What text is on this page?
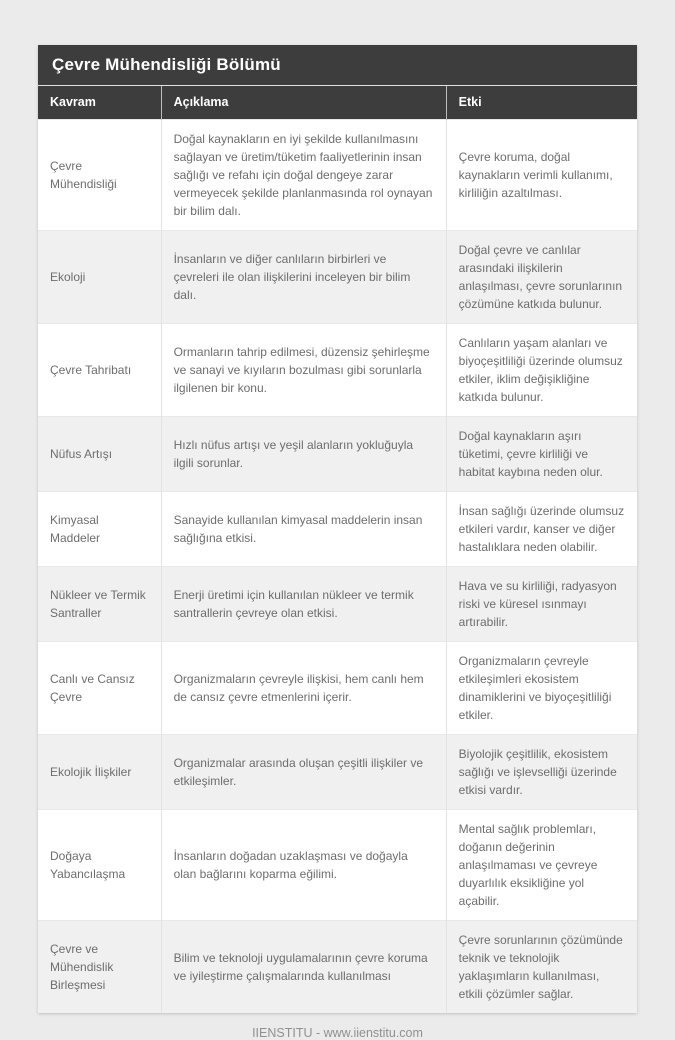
Çevre Mühendisliği Bölümü
Kavram	Açıklama	Etki
Çevre Mühendisliği	Doğal kaynakların en iyi şekilde kullanılmasını sağlayan ve üretim/tüketim faaliyetlerinin insan sağlığı ve refahı için doğal dengeye zarar vermeyecek şekilde planlanmasında rol oynayan bir bilim dalı.	Çevre koruma, doğal kaynakların verimli kullanımı, kirliliğin azaltılması.
Ekoloji	İnsanların ve diğer canlıların birbirleri ve çevreleri ile olan ilişkilerini inceleyen bir bilim dalı.	Doğal çevre ve canlılar arasındaki ilişkilerin anlaşılması, çevre sorunlarının çözümüne katkıda bulunur.
Çevre Tahribatı	Ormanların tahrip edilmesi, düzensiz şehirleşme ve sanayi ve kıyıların bozulması gibi sorunlarla ilgilenen bir konu.	Canlıların yaşam alanları ve biyoçeşitliliği üzerinde olumsuz etkiler, iklim değişikliğine katkıda bulunur.
Nüfus Artışı	Hızlı nüfus artışı ve yeşil alanların yokluğuyla ilgili sorunlar.	Doğal kaynakların aşırı tüketimi, çevre kirliliği ve habitat kaybına neden olur.
Kimyasal Maddeler	Sanayide kullanılan kimyasal maddelerin insan sağlığına etkisi.	İnsan sağlığı üzerinde olumsuz etkileri vardır, kanser ve diğer hastalıklara neden olabilir.
Nükleer ve Termik Santraller	Enerji üretimi için kullanılan nükleer ve termik santrallerin çevreye olan etkisi.	Hava ve su kirliliği, radyasyon riski ve küresel ısınmayı artırabilir.
Canlı ve Cansız Çevre	Organizmaların çevreyle ilişkisi, hem canlı hem de cansız çevre etmenlerini içerir.	Organizmaların çevreyle etkileşimleri ekosistem dinamiklerini ve biyoçeşitliliği etkiler.
Ekolojik İlişkiler	Organizmalar arasında oluşan çeşitli ilişkiler ve etkileşimler.	Biyolojik çeşitlilik, ekosistem sağlığı ve işlevselliği üzerinde etkisi vardır.
Doğaya Yabancılaşma	İnsanların doğadan uzaklaşması ve doğayla olan bağlarını koparma eğilimi.	Mental sağlık problemları, doğanın değerinin anlaşılmaması ve çevreye duyarlılık eksikliğine yol açabilir.
Çevre ve Mühendislik Birleşmesi	Bilim ve teknoloji uygulamalarının çevre koruma ve iyileştirme çalışmalarında kullanılması	Çevre sorunlarının çözümünde teknik ve teknolojik yaklaşımların kullanılması, etkili çözümler sağlar.
IIENSTITU - www.iienstitu.com
